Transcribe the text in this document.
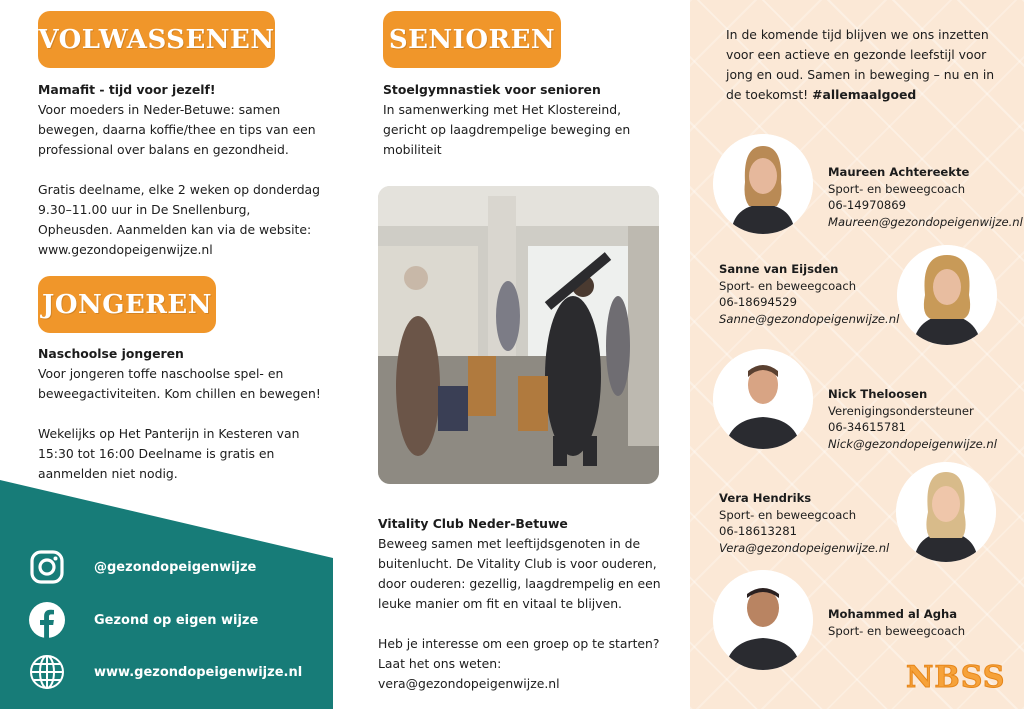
VOLWASSENEN
Mamafit - tijd voor jezelf!
Voor moeders in Neder-Betuwe: samen
bewegen, daarna koffie/thee en tips van een
professional over balans en gezondheid.
Gratis deelname, elke 2 weken op donderdag
9.30–11.00 uur in De Snellenburg,
Opheusden. Aanmelden kan via de website:
www.gezondopeigenwijze.nl
JONGEREN
Naschoolse jongeren
Voor jongeren toffe naschoolse spel- en
beweegactiviteiten. Kom chillen en bewegen!
Wekelijks op Het Panterijn in Kesteren van
15:30 tot 16:00 Deelname is gratis en
aanmelden niet nodig.
@gezondopeigenwijze
Gezond op eigen wijze
www.gezondopeigenwijze.nl
SENIOREN
Stoelgymnastiek voor senioren
In samenwerking met Het Klostereind,
gericht op laagdrempelige beweging en
mobiliteit
Vitality Club Neder-Betuwe
Beweeg samen met leeftijdsgenoten in de
buitenlucht. De Vitality Club is voor ouderen,
door ouderen: gezellig, laagdrempelig en een
leuke manier om fit en vitaal te blijven.
Heb je interesse om een groep op te starten?
Laat het ons weten:
vera@gezondopeigenwijze.nl
In de komende tijd blijven we ons inzetten
voor een actieve en gezonde leefstijl voor
jong en oud. Samen in beweging – nu en in
de toekomst! #allemaalgoed
Maureen Achtereekte
Sport- en beweegcoach
06-14970869
Maureen@gezondopeigenwijze.nl
Sanne van Eijsden
Sport- en beweegcoach
06-18694529
Sanne@gezondopeigenwijze.nl
Nick Theloosen
Verenigingsondersteuner
06-34615781
Nick@gezondopeigenwijze.nl
Vera Hendriks
Sport- en beweegcoach
06-18613281
Vera@gezondopeigenwijze.nl
Mohammed al Agha
Sport- en beweegcoach
NBSS
